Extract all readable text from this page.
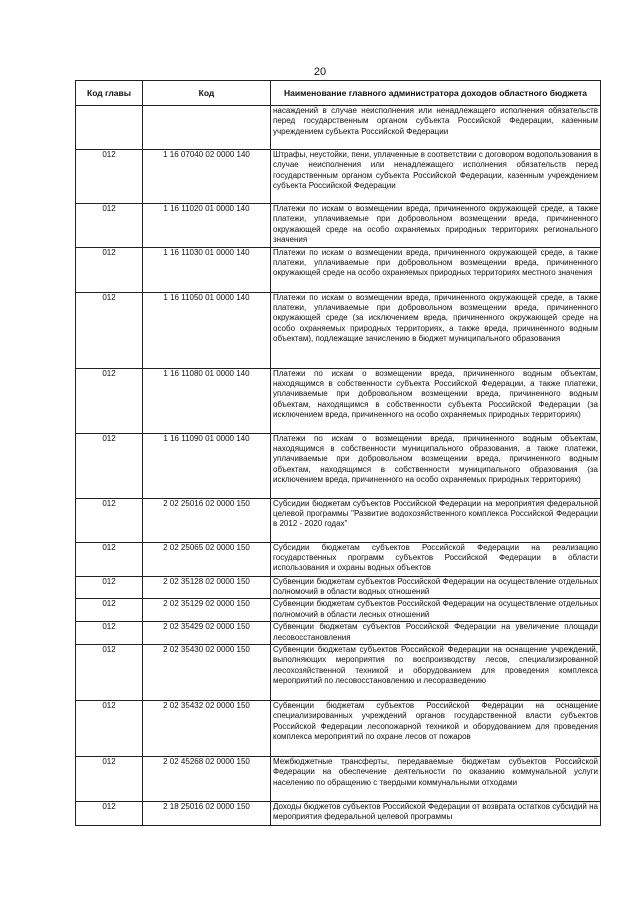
20
Код главы	Код	Наименование главного администратора доходов областного бюджета
		насаждений в случае неисполнения или ненадлежащего исполнения обязательств перед государственным органом субъекта Российской Федерации, казенным учреждением субъекта Российской Федерации
012	1 16 07040 02 0000 140	Штрафы, неустойки, пени, уплаченные в соответствии с договором водопользования в случае неисполнения или ненадлежащего исполнения обязательств перед государственным органом субъекта Российской Федерации, казенным учреждением субъекта Российской Федерации
012	1 16 11020 01 0000 140	Платежи по искам о возмещении вреда, причиненного окружающей среде, а также платежи, уплачиваемые при добровольном возмещении вреда, причиненного окружающей среде на особо охраняемых природных территориях регионального значения
012	1 16 11030 01 0000 140	Платежи по искам о возмещении вреда, причиненного окружающей среде, а также платежи, уплачиваемые при добровольном возмещении вреда, причиненного окружающей среде на особо охраняемых природных территориях местного значения
012	1 16 11050 01 0000 140	Платежи по искам о возмещении вреда, причиненного окружающей среде, а также платежи, уплачиваемые при добровольном возмещении вреда, причиненного окружающей среде (за исключением вреда, причиненного окружающей среде на особо охраняемых природных территориях, а также вреда, причиненного водным объектам), подлежащие зачислению в бюджет муниципального образования
012	1 16 11080 01 0000 140	Платежи по искам о возмещении вреда, причиненного водным объектам, находящимся в собственности субъекта Российской Федерации, а также платежи, уплачиваемые при добровольном возмещении вреда, причиненного водным объектам, находящимся в собственности субъекта Российской Федерации (за исключением вреда, причиненного на особо охраняемых природных территориях)
012	1 16 11090 01 0000 140	Платежи по искам о возмещении вреда, причиненного водным объектам, находящимся в собственности муниципального образования, а также платежи, уплачиваемые при добровольном возмещении вреда, причиненного водным объектам, находящимся в собственности муниципального образования (за исключением вреда, причиненного на особо охраняемых природных территориях)
012	2 02 25016 02 0000 150	Субсидии бюджетам субъектов Российской Федерации на мероприятия федеральной целевой программы "Развитие водохозяйственного комплекса Российской Федерации в 2012 - 2020 годах"
012	2 02 25065 02 0000 150	Субсидии бюджетам субъектов Российской Федерации на реализацию государственных программ субъектов Российской Федерации в области использования и охраны водных объектов
012	2 02 35128 02 0000 150	Субвенции бюджетам субъектов Российской Федерации на осуществление отдельных полномочий в области водных отношений
012	2 02 35129 02 0000 150	Субвенции бюджетам субъектов Российской Федерации на осуществление отдельных полномочий в области лесных отношений
012	2 02 35429 02 0000 150	Субвенции бюджетам субъектов Российской Федерации на увеличение площади лесовосстановления
012	2 02 35430 02 0000 150	Субвенции бюджетам субъектов Российской Федерации на оснащение учреждений, выполняющих мероприятия по воспроизводству лесов, специализированной лесохозяйственной техникой и оборудованием для проведения комплекса мероприятий по лесовосстановлению и лесоразведению
012	2 02 35432 02 0000 150	Субвенции бюджетам субъектов Российской Федерации на оснащение специализированных учреждений органов государственной власти субъектов Российской Федерации лесопожарной техникой и оборудованием для проведения комплекса мероприятий по охране лесов от пожаров
012	2 02 45268 02 0000 150	Межбюджетные трансферты, передаваемые бюджетам субъектов Российской Федерации на обеспечение деятельности по оказанию коммунальной услуги населению по обращению с твердыми коммунальными отходами
012	2 18 25016 02 0000 150	Доходы бюджетов субъектов Российской Федерации от возврата остатков субсидий на мероприятия федеральной целевой программы
